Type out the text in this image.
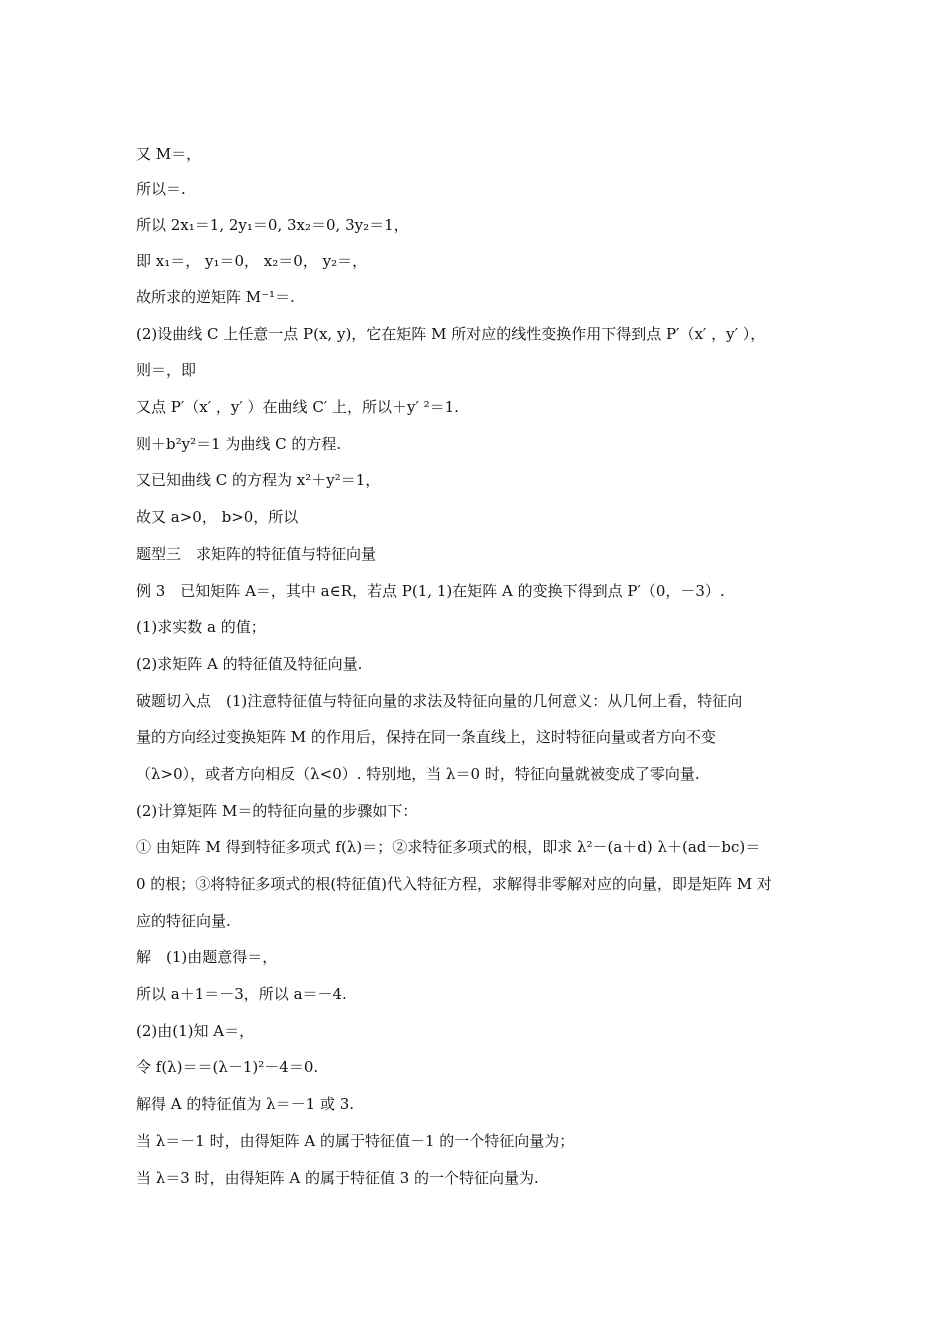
又 M＝，
所以＝.
所以 2x₁＝1, 2y₁＝0, 3x₂＝0, 3y₂＝1，
即 x₁＝， y₁＝0， x₂＝0， y₂＝，
故所求的逆矩阵 M⁻¹＝.
(2)设曲线 C 上任意一点 P(x, y)，它在矩阵 M 所对应的线性变换作用下得到点 P′（x′ ，y′ ），
则＝，即
又点 P′（x′ ，y′ ）在曲线 C′ 上，所以＋y′ ²＝1.
则＋b²y²＝1 为曲线 C 的方程.
又已知曲线 C 的方程为 x²＋y²＝1，
故又 a>0， b>0，所以
题型三　求矩阵的特征值与特征向量
例 3　已知矩阵 A＝，其中 a∈R，若点 P(1, 1)在矩阵 A 的变换下得到点 P′（0，－3）.
(1)求实数 a 的值；
(2)求矩阵 A 的特征值及特征向量.
破题切入点　(1)注意特征值与特征向量的求法及特征向量的几何意义：从几何上看，特征向
量的方向经过变换矩阵 M 的作用后，保持在同一条直线上，这时特征向量或者方向不变
（λ>0），或者方向相反（λ<0）. 特别地，当 λ＝0 时，特征向量就被变成了零向量.
(2)计算矩阵 M＝的特征向量的步骤如下：
① 由矩阵 M 得到特征多项式 f(λ)＝；②求特征多项式的根，即求 λ²－(a＋d) λ＋(ad－bc)＝
0 的根；③将特征多项式的根(特征值)代入特征方程，求解得非零解对应的向量，即是矩阵 M 对
应的特征向量.
解　(1)由题意得＝，
所以 a＋1＝－3，所以 a＝－4.
(2)由(1)知 A＝，
令 f(λ)＝＝(λ－1)²－4＝0.
解得 A 的特征值为 λ＝－1 或 3.
当 λ＝－1 时，由得矩阵 A 的属于特征值－1 的一个特征向量为；
当 λ＝3 时，由得矩阵 A 的属于特征值 3 的一个特征向量为.
